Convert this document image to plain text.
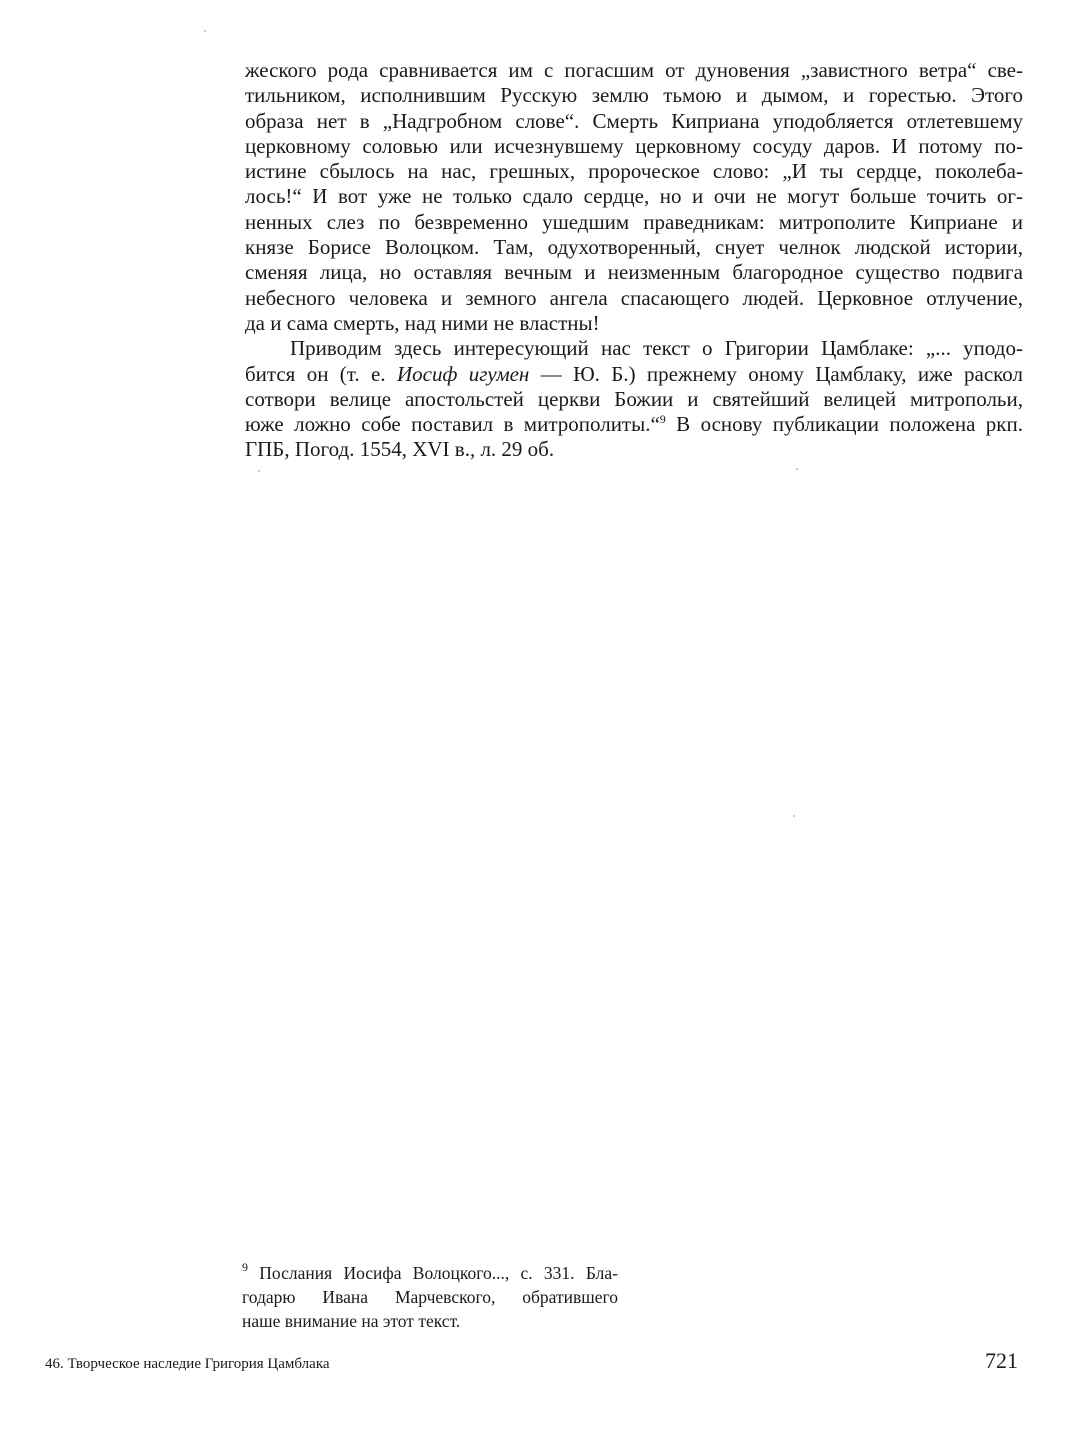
жеского рода сравнивается им с погасшим от дуновения „завистного ветра“ све-
тильником, исполнившим Русскую землю тьмою и дымом, и горестью. Этого
образа нет в „Надгробном слове“. Смерть Киприана уподобляется отлетевшему
церковному соловью или исчезнувшему церковному сосуду даров. И потому по-
истине сбылось на нас, грешных, пророческое слово: „И ты сердце, поколеба-
лось!“ И вот уже не только сдало сердце, но и очи не могут больше точить ог-
ненных слез по безвременно ушедшим праведникам: митрополите Киприане и
князе Борисе Волоцком. Там, одухотворенный, снует челнок людской истории,
сменяя лица, но оставляя вечным и неизменным благородное существо подвига
небесного человека и земного ангела спасающего людей. Церковное отлучение,
да и сама смерть, над ними не властны!

Приводим здесь интересующий нас текст о Григории Цамблаке: „... уподо-
бится он (т. е. Иосиф игумен — Ю. Б.) прежнему оному Цамблаку, иже раскол
сотвори велице апостольстей церкви Божии и святейший велицей митропольи,
юже ложно собе поставил в митрополиты.“$^9$ В основу публикации положена ркп.
ГПБ, Погод. 1554, XVI в., л. 29 об.

$^9$ Послания Иосифа Волоцкого..., с. 331. Бла-
годарю Ивана Марчевского, обратившего
наше внимание на этот текст.
46. Творческое наследие Григория Цамблака	721
